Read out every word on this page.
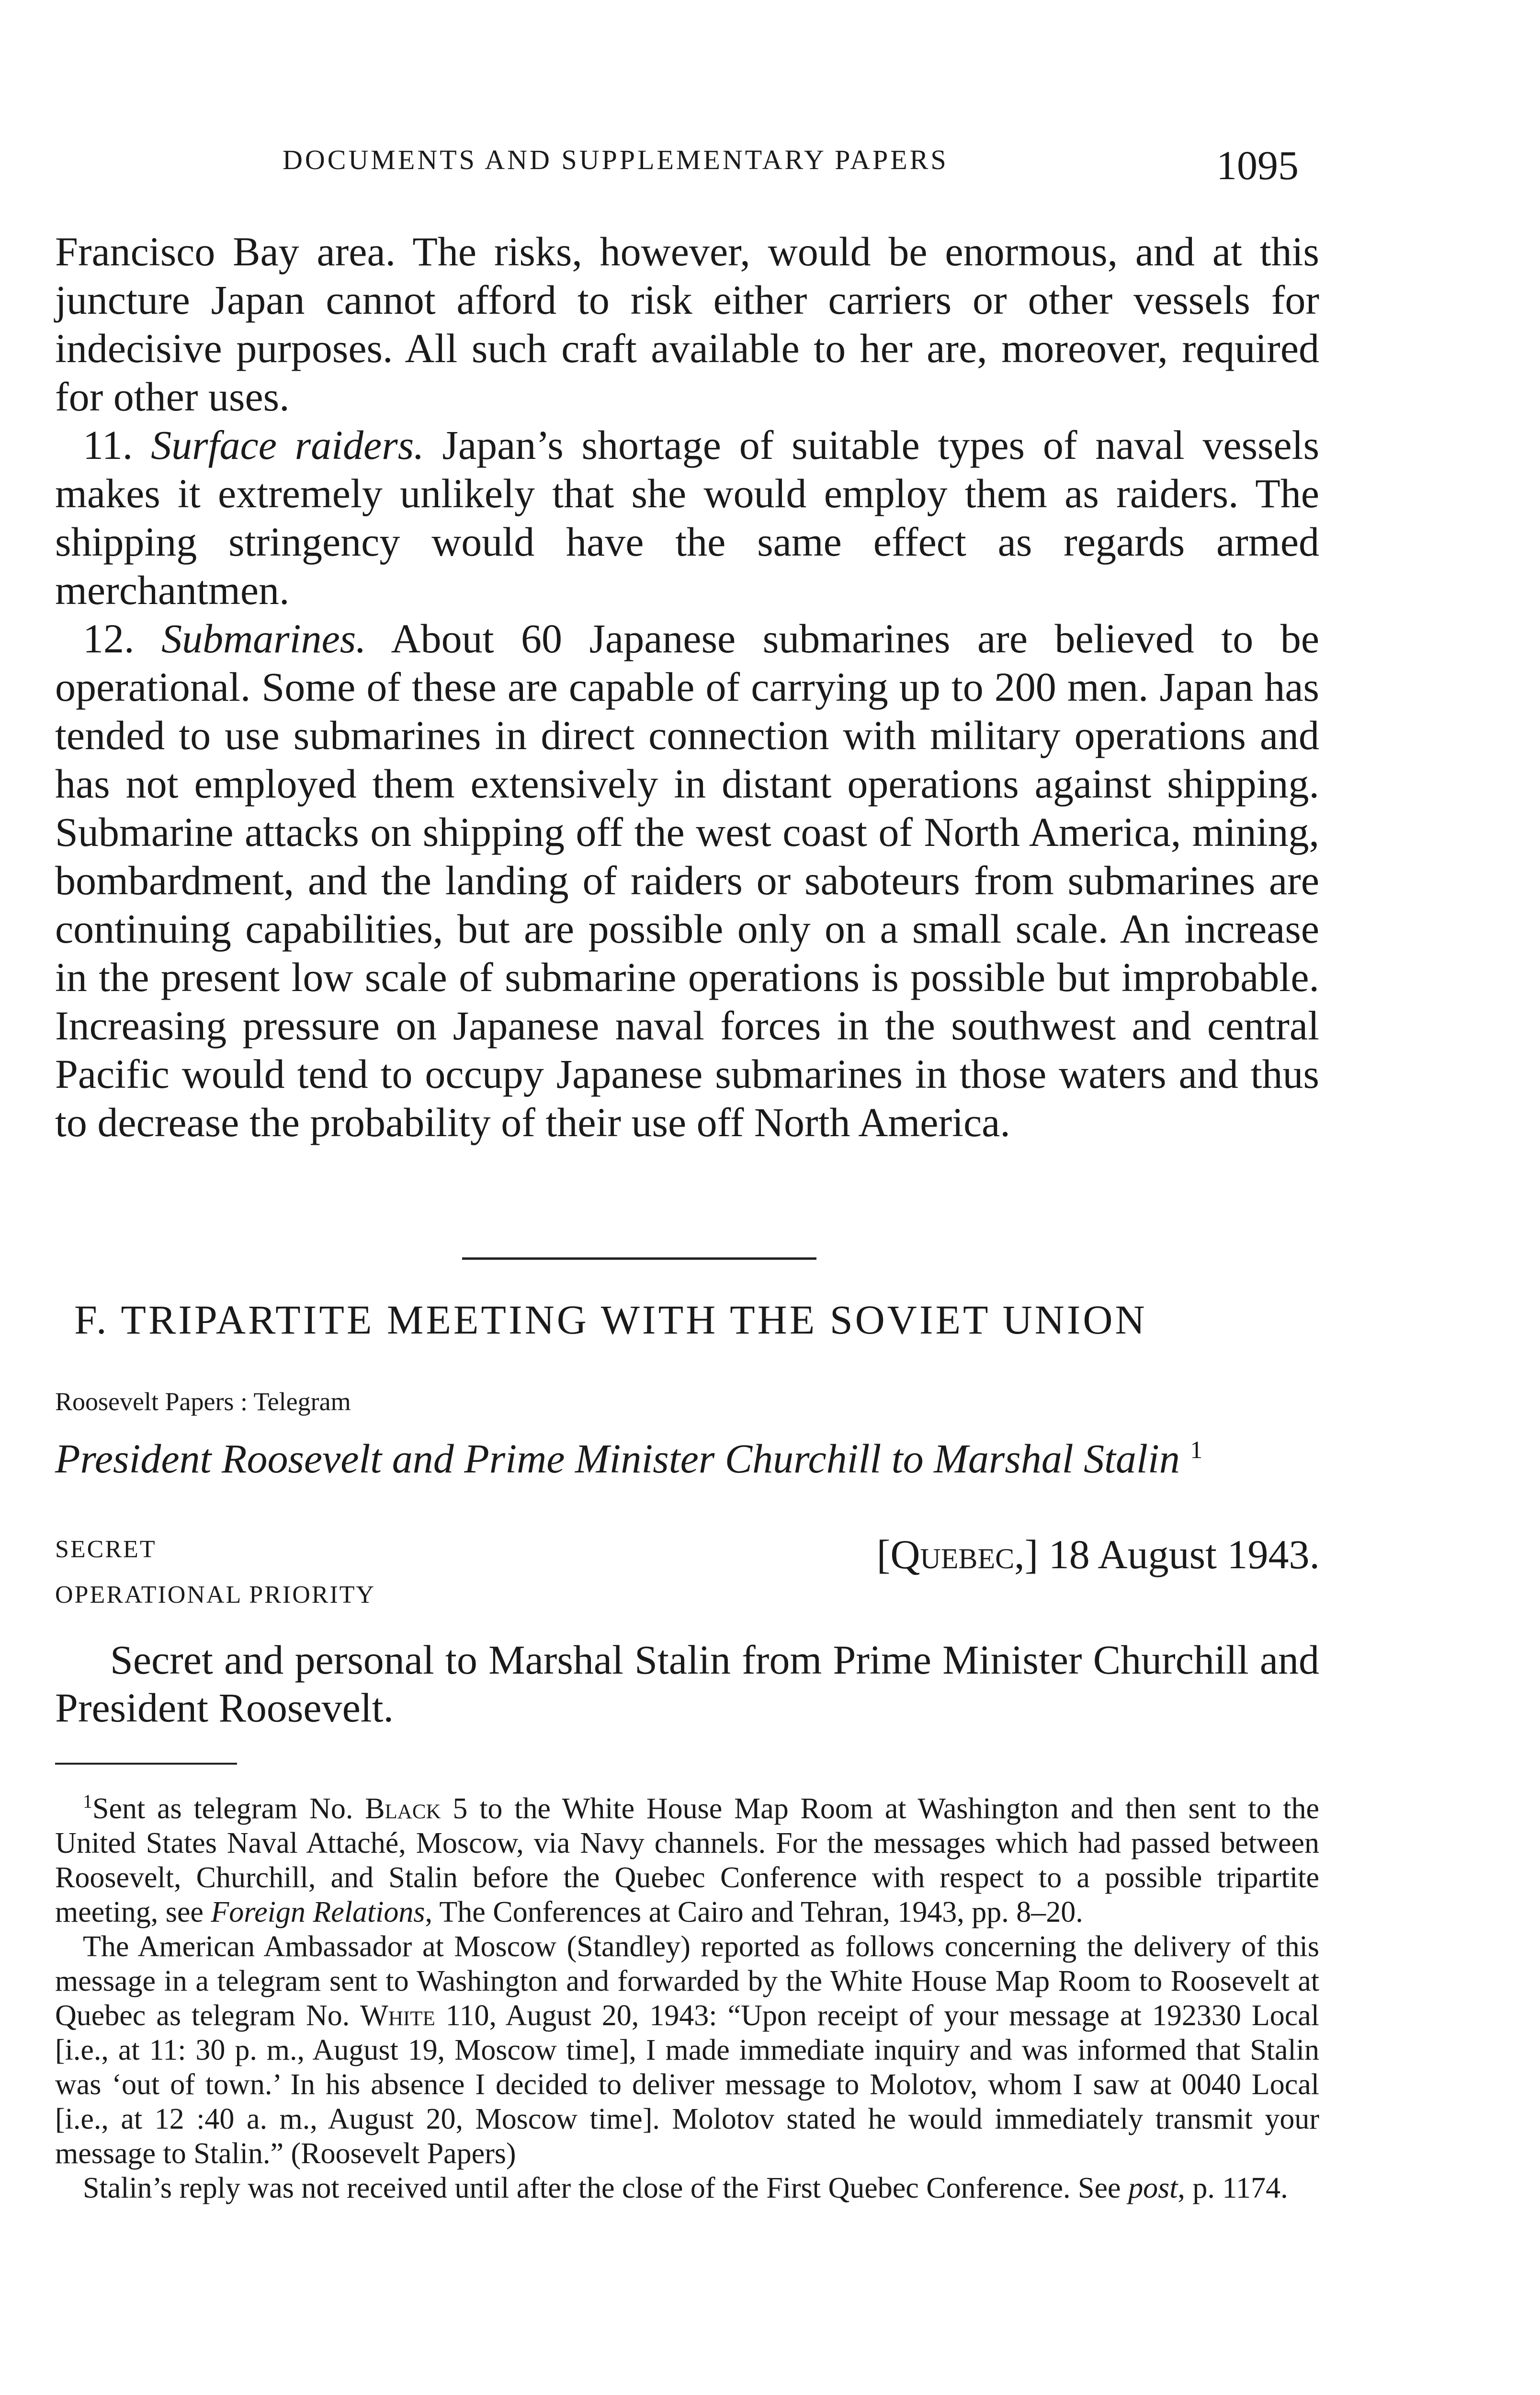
DOCUMENTS AND SUPPLEMENTARY PAPERS	1095

Francisco Bay area. The risks, however, would be enormous, and at this juncture Japan cannot afford to risk either carriers or other vessels for indecisive purposes. All such craft available to her are, moreover, required for other uses.

11. Surface raiders. Japan’s shortage of suitable types of naval vessels makes it extremely unlikely that she would employ them as raiders. The shipping stringency would have the same effect as regards armed merchantmen.

12. Submarines. About 60 Japanese submarines are believed to be operational. Some of these are capable of carrying up to 200 men. Japan has tended to use submarines in direct connection with military operations and has not employed them extensively in distant operations against shipping. Submarine attacks on shipping off the west coast of North America, mining, bombardment, and the landing of raiders or saboteurs from submarines are continuing capabilities, but are possible only on a small scale. An increase in the present low scale of submarine operations is possible but improbable. Increasing pressure on Japanese naval forces in the southwest and central Pacific would tend to occupy Japanese submarines in those waters and thus to decrease the probability of their use off North America.

F. TRIPARTITE MEETING WITH THE SOVIET UNION
Roosevelt Papers : Telegram
President Roosevelt and Prime Minister Churchill to Marshal Stalin $^1$
SECRET
OPERATIONAL PRIORITY
[Quebec,] 18 August 1943.
Secret and personal to Marshal Stalin from Prime Minister Churchill and President Roosevelt.

$^1$Sent as telegram No. Black 5 to the White House Map Room at Washington and then sent to the United States Naval Attaché, Moscow, via Navy channels. For the messages which had passed between Roosevelt, Churchill, and Stalin before the Quebec Conference with respect to a possible tripartite meeting, see Foreign Relations, The Conferences at Cairo and Tehran, 1943, pp. 8–20.

The American Ambassador at Moscow (Standley) reported as follows concerning the delivery of this message in a telegram sent to Washington and forwarded by the White House Map Room to Roosevelt at Quebec as telegram No. White 110, August 20, 1943: “Upon receipt of your message at 192330 Local [i.e., at 11: 30 p. m., August 19, Moscow time], I made immediate inquiry and was informed that Stalin was ‘out of town.’ In his absence I decided to deliver message to Molotov, whom I saw at 0040 Local [i.e., at 12 :40 a. m., August 20, Moscow time]. Molotov stated he would immediately transmit your message to Stalin.” (Roosevelt Papers)

Stalin’s reply was not received until after the close of the First Quebec Conference. See post, p. 1174.
